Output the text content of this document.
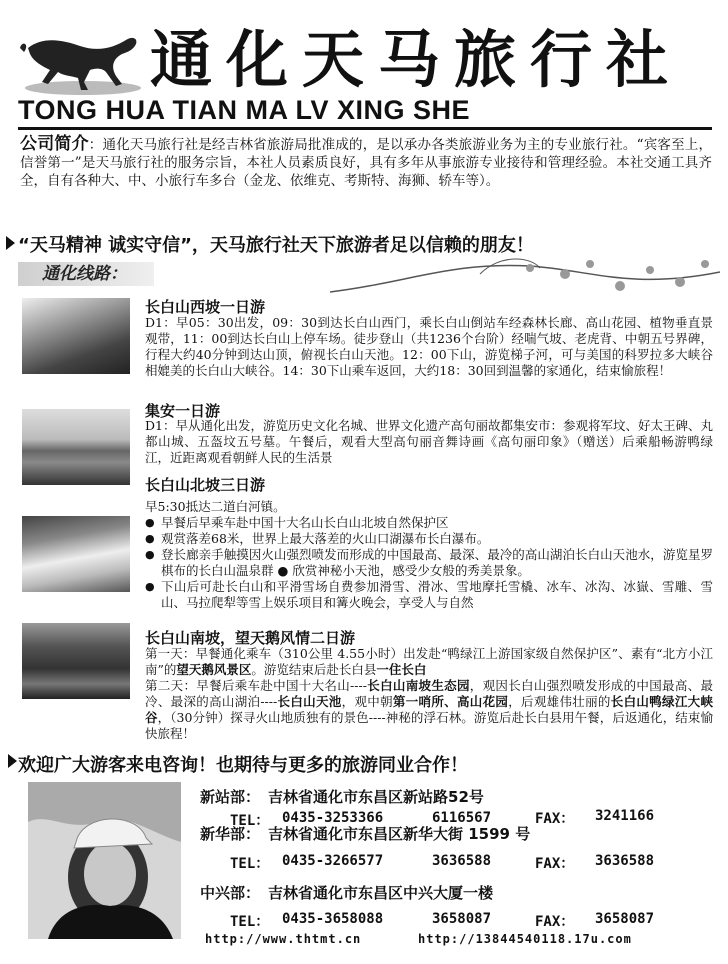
通化天马旅行社
TONG HUA TIAN MA LV XING SHE
公司简介：通化天马旅行社是经吉林省旅游局批准成的，是以承办各类旅游业务为主的专业旅行社。“宾客至上，信誉第一”是天马旅行社的服务宗旨，本社人员素质良好，具有多年从事旅游专业接待和管理经验。本社交通工具齐全，自有各种大、中、小旅行车多台（金龙、依维克、考斯特、海狮、轿车等）。
“天马精神 诚实守信”，天马旅行社天下旅游者足以信赖的朋友！
通化线路：
长白山西坡一日游
D1：早05：30出发，09：30到达长白山西门，乘长白山倒站车经森林长廊、高山花园、植物垂直景观带，11：00到达长白山上停车场。徒步登山（共1236个台阶）经喘气坡、老虎背、中朝五号界碑，行程大约40分钟到达山顶，俯视长白山天池。12：00下山，游览梯子河，可与美国的科罗拉多大峡谷相媲美的长白山大峡谷。14：30下山乘车返回，大约18：30回到温馨的家通化，结束愉旅程！
集安一日游
D1：早从通化出发，游览历史文化名城、世界文化遗产高句丽故都集安市：参观将军坟、好太王碑、丸都山城、五盔坟五号墓。午餐后，观看大型高句丽音舞诗画《高句丽印象》（赠送）后乘船畅游鸭绿江，近距离观看朝鲜人民的生活景
长白山北坡三日游
早5:30抵达二道白河镇。
● 早餐后早乘车赴中国十大名山长白山北坡自然保护区
● 观赏落差68米，世界上最大落差的火山口湖瀑布长白瀑布。
● 登长廊亲手触摸因火山强烈喷发而形成的中国最高、最深、最冷的高山湖泊长白山天池水，游览星罗棋布的长白山温泉群 ● 欣赏神秘小天池，感受少女般的秀美景象。
● 下山后可赴长白山和平滑雪场自费参加滑雪、滑冰、雪地摩托雪橇、冰车、冰沟、冰嶽、雪雕、雪山、马拉爬犁等雪上娱乐项目和篝火晚会，享受人与自然
长白山南坡，望天鹅风情二日游
第一天：早餐通化乘车（310公里 4.55小时）出发赴“鸭绿江上游国家级自然保护区”、素有“北方小江南”的望天鹅风景区。游览结束后赴长白县一住长白
第二天：早餐后乘车赴中国十大名山----长白山南坡生态园，观因长白山强烈喷发形成的中国最高、最冷、最深的高山湖泊----长白山天池，观中朝第一哨所、高山花园，后观雄伟壮丽的长白山鸭绿江大峡谷，（30分钟）探寻火山地质独有的景色----神秘的浮石林。游览后赴长白县用午餐，后返通化，结束愉快旅程！
欢迎广大游客来电咨询！也期待与更多的旅游同业合作！
新站部： 吉林省通化市东昌区新站路52号
TEL： 0435-3253366	6116567	FAX： 3241166
新华部： 吉林省通化市东昌区新华大街 1599 号
TEL： 0435-3266577	3636588	FAX： 3636588
中兴部： 吉林省通化市东昌区中兴大厦一楼
TEL： 0435-3658088	3658087	FAX： 3658087
http://www.thtmt.cn	http://13844540118.17u.com
